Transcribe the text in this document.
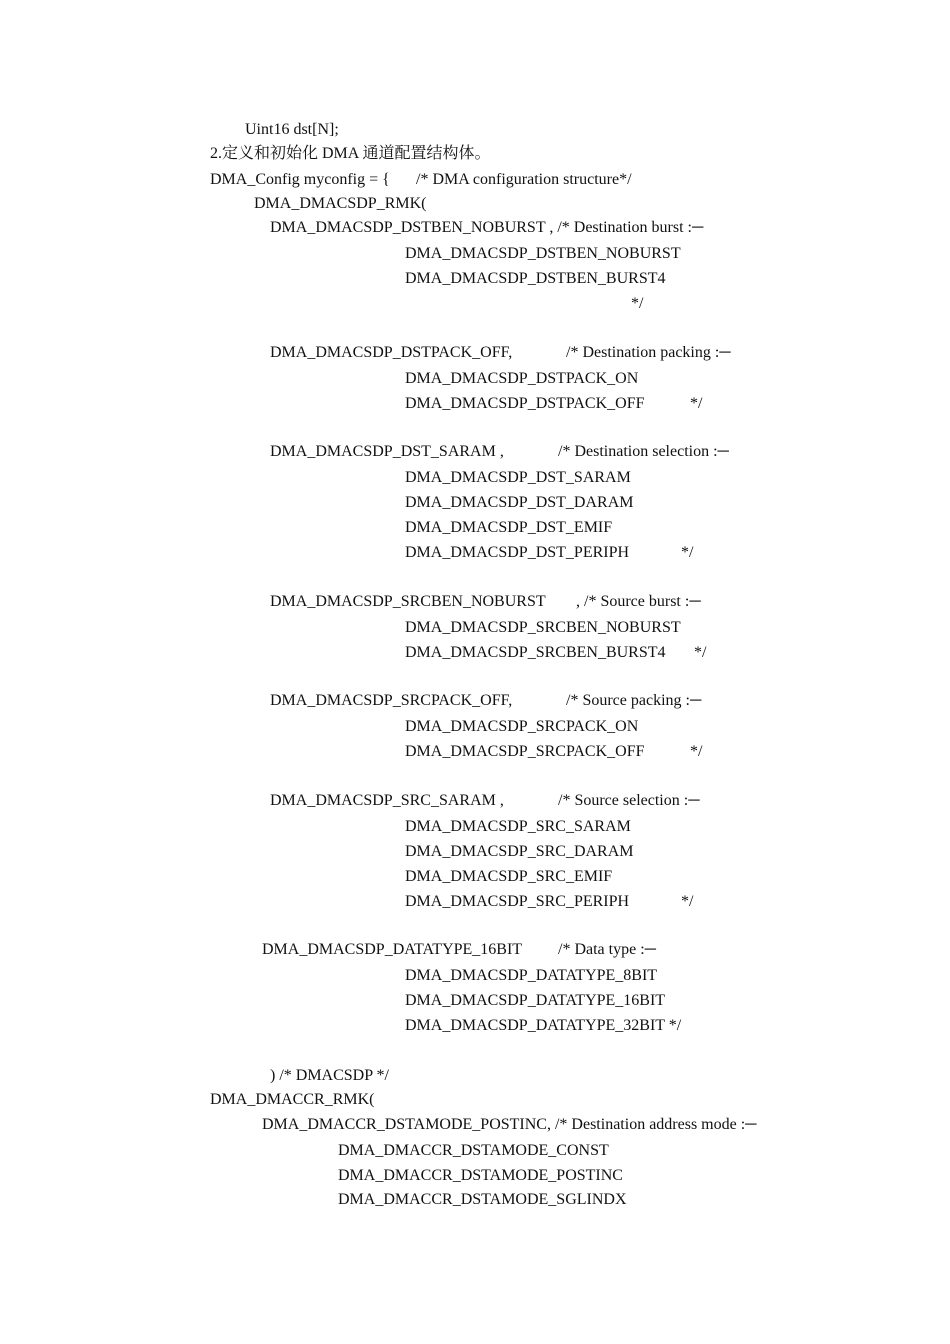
Uint16 dst[N];
2.定义和初始化 DMA 通道配置结构体。
DMA_Config myconfig = { /* DMA configuration structure*/
DMA_DMACSDP_RMK(
DMA_DMACSDP_DSTBEN_NOBURST , /* Destination burst :─
DMA_DMACSDP_DSTBEN_NOBURST
DMA_DMACSDP_DSTBEN_BURST4
*/
DMA_DMACSDP_DSTPACK_OFF,	/* Destination packing :─
DMA_DMACSDP_DSTPACK_ON
DMA_DMACSDP_DSTPACK_OFF	*/
DMA_DMACSDP_DST_SARAM ,	/* Destination selection :─
DMA_DMACSDP_DST_SARAM
DMA_DMACSDP_DST_DARAM
DMA_DMACSDP_DST_EMIF
DMA_DMACSDP_DST_PERIPH	*/
DMA_DMACSDP_SRCBEN_NOBURST , /* Source burst :─
DMA_DMACSDP_SRCBEN_NOBURST
DMA_DMACSDP_SRCBEN_BURST4 */
DMA_DMACSDP_SRCPACK_OFF,	/* Source packing :─
DMA_DMACSDP_SRCPACK_ON
DMA_DMACSDP_SRCPACK_OFF	*/
DMA_DMACSDP_SRC_SARAM ,	/* Source selection :─
DMA_DMACSDP_SRC_SARAM
DMA_DMACSDP_SRC_DARAM
DMA_DMACSDP_SRC_EMIF
DMA_DMACSDP_SRC_PERIPH	*/
DMA_DMACSDP_DATATYPE_16BIT /* Data type :─
DMA_DMACSDP_DATATYPE_8BIT
DMA_DMACSDP_DATATYPE_16BIT
DMA_DMACSDP_DATATYPE_32BIT */
) /* DMACSDP */
DMA_DMACCR_RMK(
DMA_DMACCR_DSTAMODE_POSTINC, /* Destination address mode :─
DMA_DMACCR_DSTAMODE_CONST
DMA_DMACCR_DSTAMODE_POSTINC
DMA_DMACCR_DSTAMODE_SGLINDX
